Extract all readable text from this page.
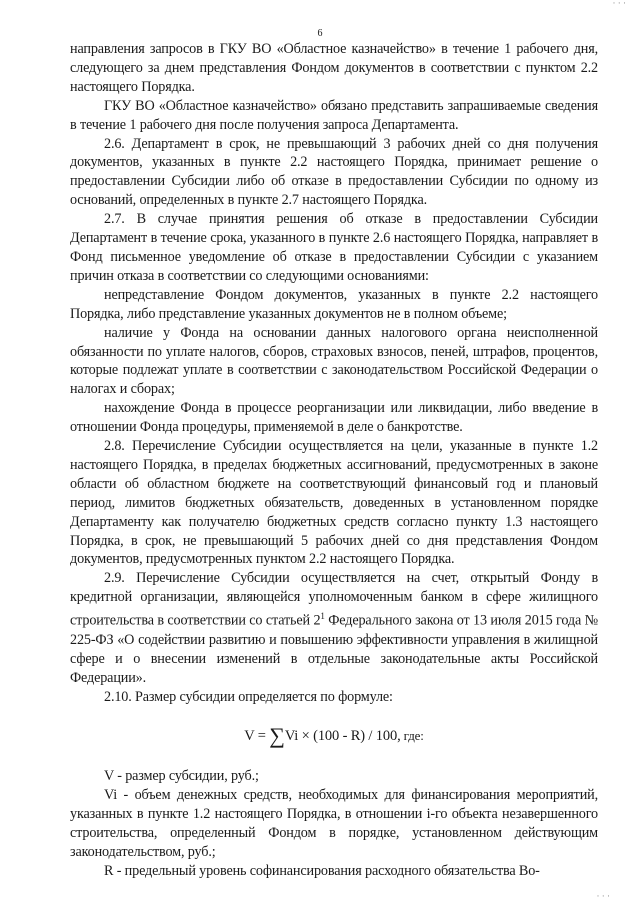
· · ·
6

направления запросов в ГКУ ВО «Областное казначейство» в течение 1 рабочего дня, следующего за днем представления Фондом документов в соответствии с пунктом 2.2 настоящего Порядка.

ГКУ ВО «Областное казначейство» обязано представить запрашиваемые сведения в течение 1 рабочего дня после получения запроса Департамента.

2.6. Департамент в срок, не превышающий 3 рабочих дней со дня получения документов, указанных в пункте 2.2 настоящего Порядка, принимает решение о предоставлении Субсидии либо об отказе в предоставлении Субсидии по одному из оснований, определенных в пункте 2.7 настоящего Порядка.

2.7. В случае принятия решения об отказе в предоставлении Субсидии Департамент в течение срока, указанного в пункте 2.6 настоящего Порядка, направляет в Фонд письменное уведомление об отказе в предоставлении Субсидии с указанием причин отказа в соответствии со следующими основаниями:

непредставление Фондом документов, указанных в пункте 2.2 настоящего Порядка, либо представление указанных документов не в полном объеме;

наличие у Фонда на основании данных налогового органа неисполненной обязанности по уплате налогов, сборов, страховых взносов, пеней, штрафов, процентов, которые подлежат уплате в соответствии с законодательством Российской Федерации о налогах и сборах;

нахождение Фонда в процессе реорганизации или ликвидации, либо введение в отношении Фонда процедуры, применяемой в деле о банкротстве.

2.8. Перечисление Субсидии осуществляется на цели, указанные в пункте 1.2 настоящего Порядка, в пределах бюджетных ассигнований, предусмотренных в законе области об областном бюджете на соответствующий финансовый год и плановый период, лимитов бюджетных обязательств, доведенных в установленном порядке Департаменту как получателю бюджетных средств согласно пункту 1.3 настоящего Порядка, в срок, не превышающий 5 рабочих дней со дня представления Фондом документов, предусмотренных пунктом 2.2 настоящего Порядка.

2.9. Перечисление Субсидии осуществляется на счет, открытый Фонду в кредитной организации, являющейся уполномоченным банком в сфере жилищного строительства в соответствии со статьей $2^1$ Федерального закона от 13 июля 2015 года № 225-ФЗ «О содействии развитию и повышению эффективности управления в жилищной сфере и о внесении изменений в отдельные законодательные акты Российской Федерации».

2.10. Размер субсидии определяется по формуле:

V = ∑Vi × (100 - R) / 100, где:

V - размер субсидии, руб.;

Vi - объем денежных средств, необходимых для финансирования мероприятий, указанных в пункте 1.2 настоящего Порядка, в отношении i-го объекта незавершенного строительства, определенный Фондом в порядке, установленном действующим законодательством, руб.;

R - предельный уровень софинансирования расходного обязательства Во-

· · ·
